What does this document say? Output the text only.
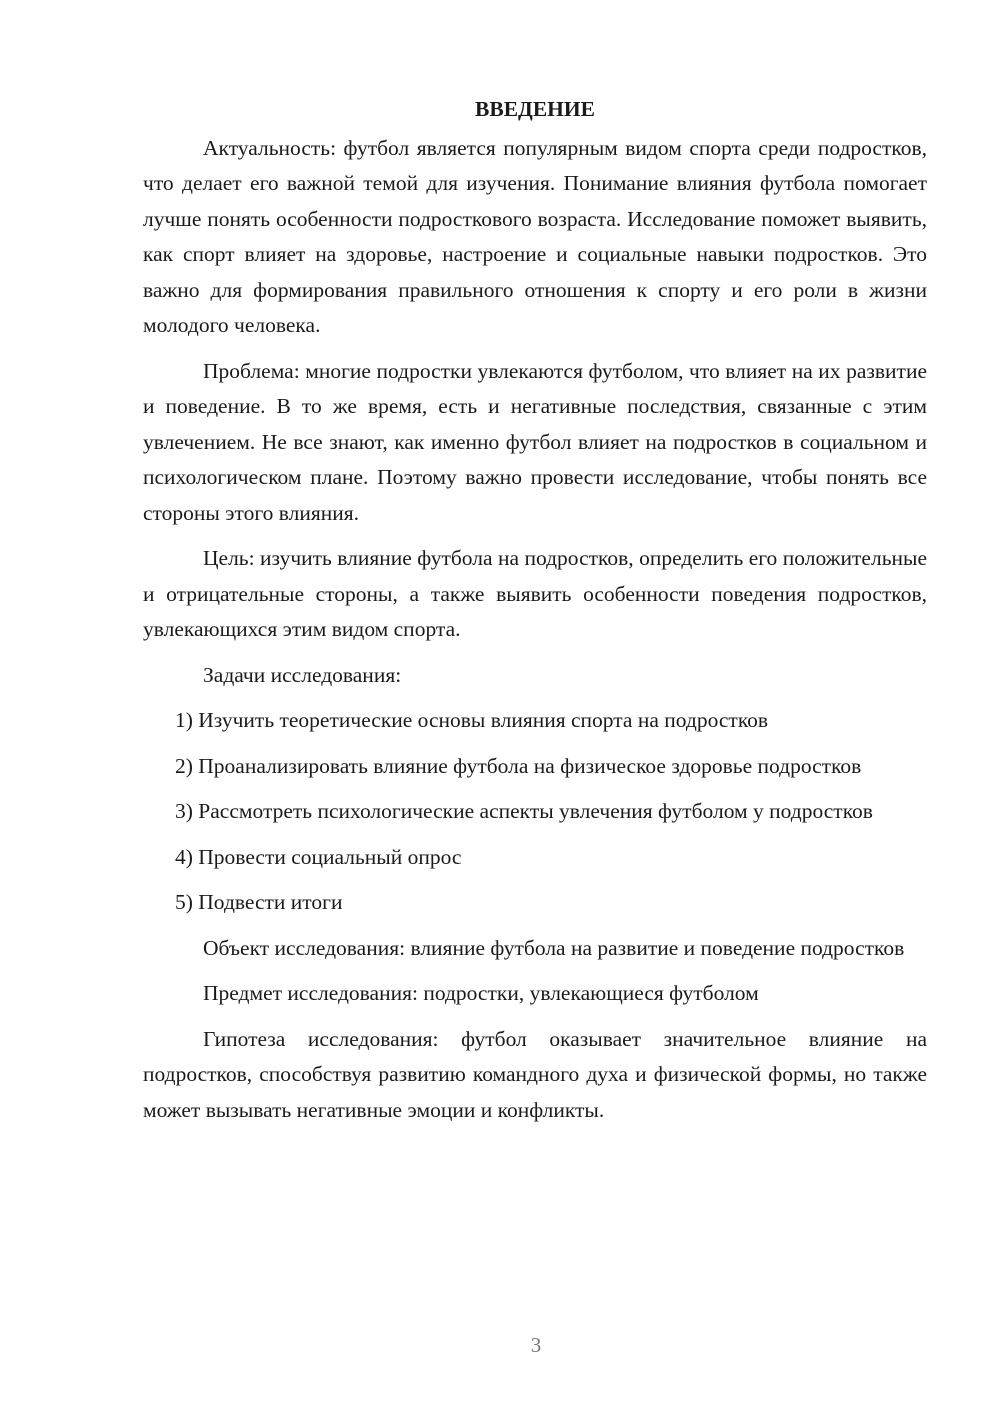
ВВЕДЕНИЕ

Актуальность: футбол является популярным видом спорта среди подростков, что делает его важной темой для изучения. Понимание влияния футбола помогает лучше понять особенности подросткового возраста. Исследование поможет выявить, как спорт влияет на здоровье, настроение и социальные навыки подростков. Это важно для формирования правильного отношения к спорту и его роли в жизни молодого человека.

Проблема: многие подростки увлекаются футболом, что влияет на их развитие и поведение. В то же время, есть и негативные последствия, связанные с этим увлечением. Не все знают, как именно футбол влияет на подростков в социальном и психологическом плане. Поэтому важно провести исследование, чтобы понять все стороны этого влияния.

Цель: изучить влияние футбола на подростков, определить его положительные и отрицательные стороны, а также выявить особенности поведения подростков, увлекающихся этим видом спорта.

Задачи исследования:

1) Изучить теоретические основы влияния спорта на подростков

2) Проанализировать влияние футбола на физическое здоровье подростков

3) Рассмотреть психологические аспекты увлечения футболом у подростков

4) Провести социальный опрос

5) Подвести итоги

Объект исследования: влияние футбола на развитие и поведение подростков

Предмет исследования: подростки, увлекающиеся футболом

Гипотеза исследования: футбол оказывает значительное влияние на подростков, способствуя развитию командного духа и физической формы, но также может вызывать негативные эмоции и конфликты.

3
